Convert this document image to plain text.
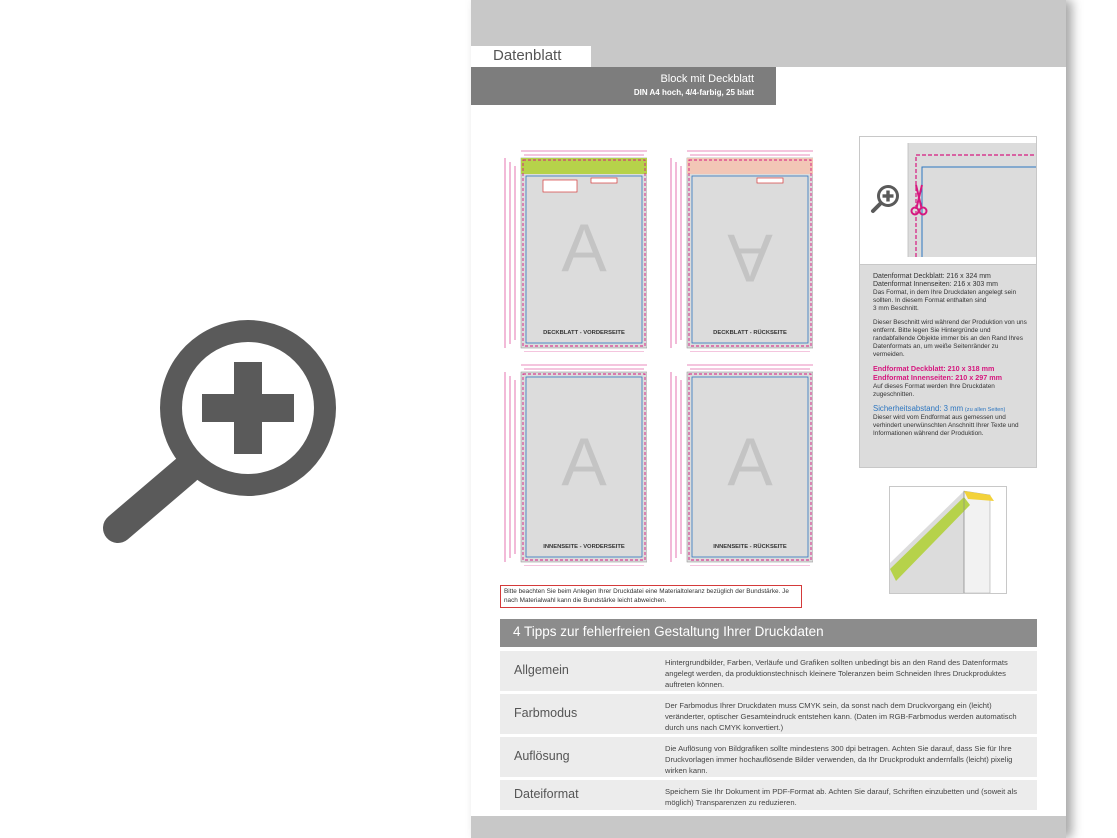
Datenblatt
Block mit Deckblatt
DIN A4 hoch, 4/4-farbig, 25 blatt
A
DECKBLATT - VORDERSEITE
A
DECKBLATT - RÜCKSEITE
A
INNENSEITE - VORDERSEITE
A
INNENSEITE - RÜCKSEITE

Datenformat Deckblatt: 216 x 324 mm
Datenformat Innenseiten: 216 x 303 mm
Das Format, in dem Ihre Druckdaten angelegt sein
sollten. In diesem Format enthalten sind
3 mm Beschnitt.

Dieser Beschnitt wird während der Produktion von uns entfernt. Bitte legen Sie Hintergründe und randabfallende Objekte immer bis an den Rand Ihres Datenformats an, um weiße Seitenränder zu vermeiden.

Endformat Deckblatt: 210 x 318 mm
Endformat Innenseiten: 210 x 297 mm
Auf dieses Format werden Ihre Druckdaten zugeschnitten.

Sicherheitsabstand: 3 mm (zu allen Seiten)
Dieser wird vom Endformat aus gemessen und verhindert unerwünschten Anschnitt Ihrer Texte und Informationen während der Produktion.

Bitte beachten Sie beim Anlegen Ihrer Druckdatei eine Materialtoleranz bezüglich der Bundstärke. Je nach Materialwahl kann die Bundstärke leicht abweichen.
4 Tipps zur fehlerfreien Gestaltung Ihrer Druckdaten
Allgemein
Hintergrundbilder, Farben, Verläufe und Grafiken sollten unbedingt bis an den Rand des Datenformats angelegt werden, da produktionstechnisch kleinere Toleranzen beim Schneiden Ihres Druckproduktes auftreten können.
Farbmodus
Der Farbmodus Ihrer Druckdaten muss CMYK sein, da sonst nach dem Druckvorgang ein (leicht) veränderter, optischer Gesamteindruck entstehen kann. (Daten im RGB-Farbmodus werden automatisch durch uns nach CMYK konvertiert.)
Auflösung
Die Auflösung von Bildgrafiken sollte mindestens 300 dpi betragen. Achten Sie darauf, dass Sie für Ihre Druckvorlagen immer hochauflösende Bilder verwenden, da Ihr Druckprodukt andernfalls (leicht) pixelig wirken kann.
Dateiformat	Speichern Sie Ihr Dokument im PDF-Format ab. Achten Sie darauf, Schriften einzubetten und (soweit als möglich) Transparenzen zu reduzieren.
